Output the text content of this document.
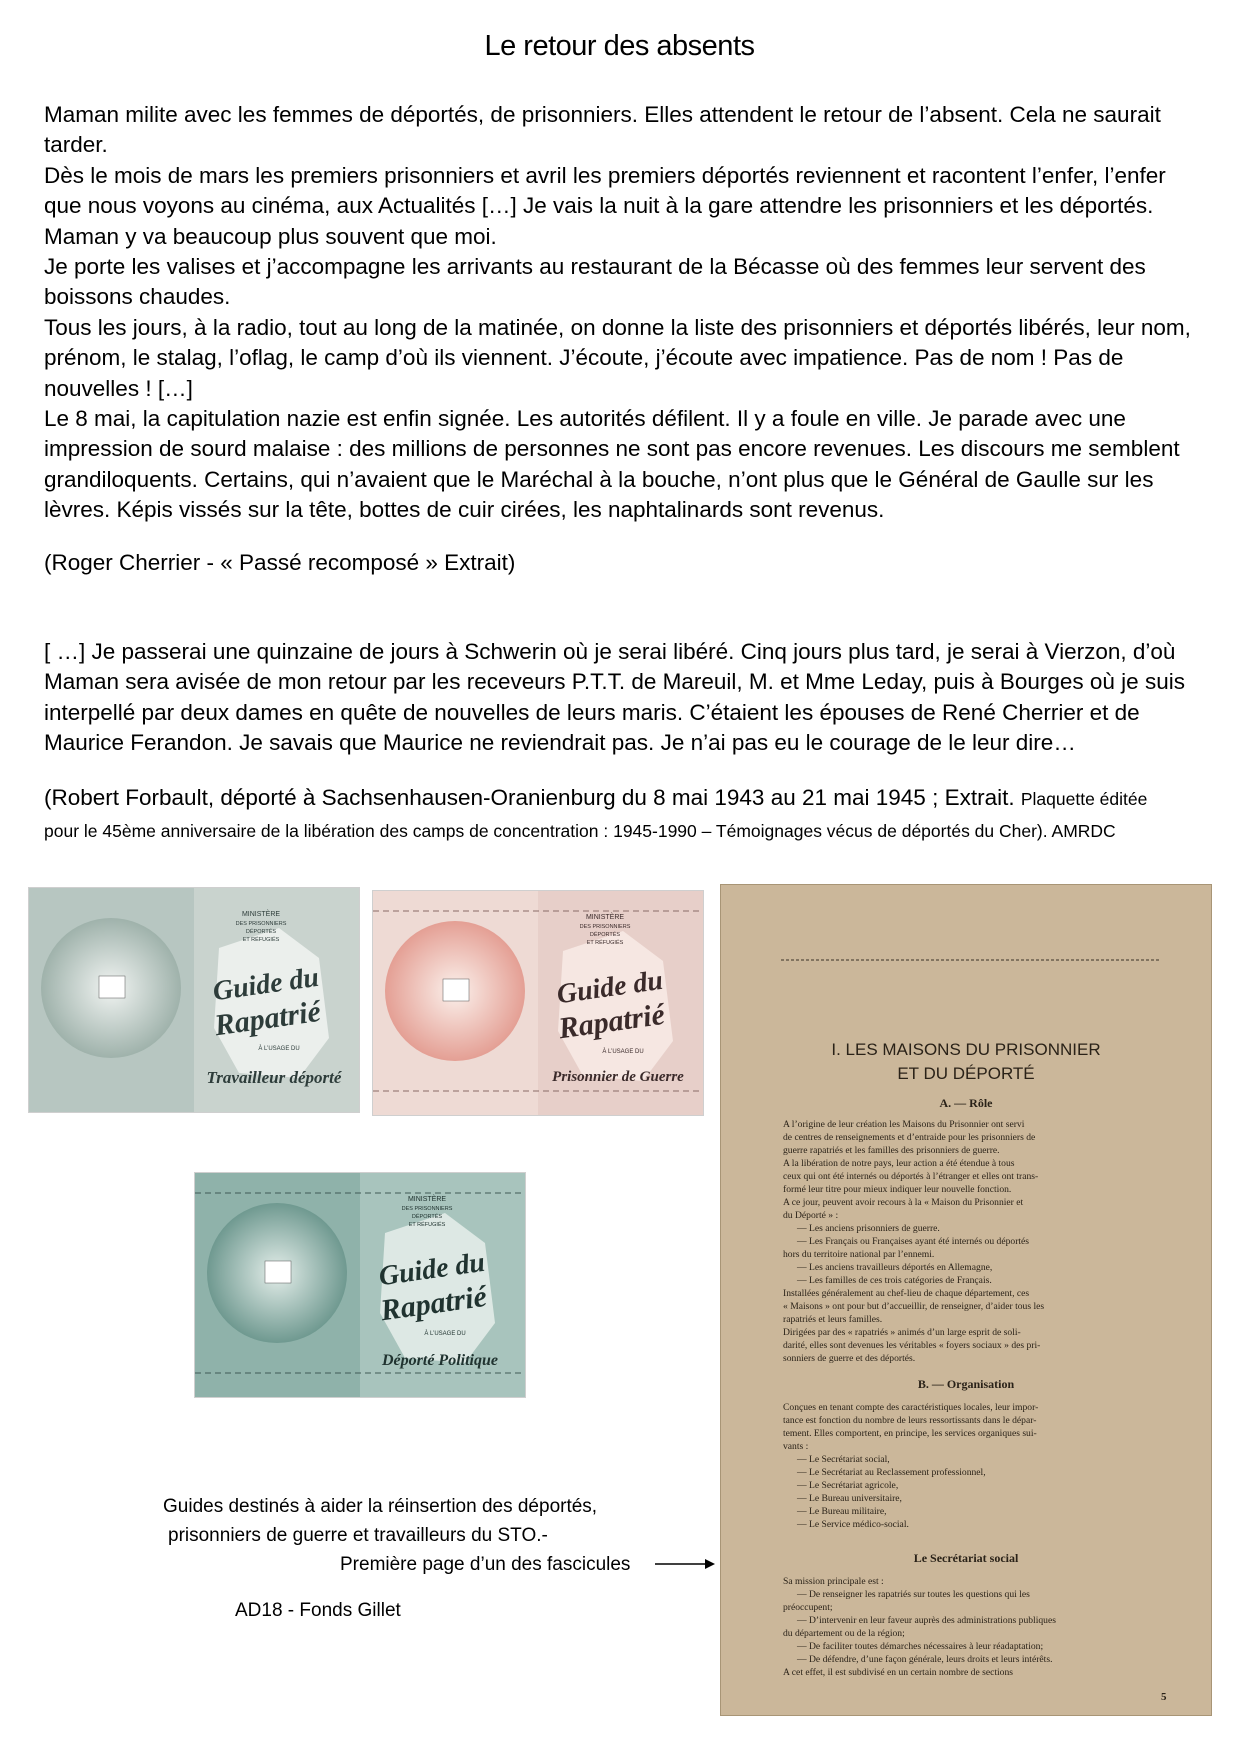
Le retour des absents

Maman milite avec les femmes de déportés, de prisonniers. Elles attendent le retour de l’absent. Cela ne saurait tarder.

Dès le mois de mars les premiers prisonniers et avril les premiers déportés reviennent et racontent l’enfer, l’enfer que nous voyons au cinéma, aux Actualités […] Je vais la nuit à la gare attendre les prisonniers et les déportés. Maman y va beaucoup plus souvent que moi.

Je porte les valises et j’accompagne les arrivants au restaurant de la Bécasse où des femmes leur servent des boissons chaudes.

Tous les jours, à la radio, tout au long de la matinée, on donne la liste des prisonniers et déportés libérés, leur nom, prénom, le stalag, l’oflag, le camp d’où ils viennent. J’écoute, j’écoute avec impatience. Pas de nom ! Pas de nouvelles ! […]

Le 8 mai, la capitulation nazie est enfin signée. Les autorités défilent. Il y a foule en ville. Je parade avec une impression de sourd malaise : des millions de personnes ne sont pas encore revenues. Les discours me semblent grandiloquents. Certains, qui n’avaient que le Maréchal à la bouche, n’ont plus que le Général de Gaulle sur les lèvres. Képis vissés sur la tête, bottes de cuir cirées, les naphtalinards sont revenus.

(Roger Cherrier - « Passé recomposé » Extrait)
[ …] Je passerai une quinzaine de jours à Schwerin où je serai libéré. Cinq jours plus tard, je serai à Vierzon, d’où Maman sera avisée de mon retour par les receveurs P.T.T. de Mareuil, M. et Mme Leday, puis à Bourges où je suis interpellé par deux dames en quête de nouvelles de leurs maris. C’étaient les épouses de René Cherrier et de Maurice Ferandon. Je savais que Maurice ne reviendrait pas. Je n’ai pas eu le courage de le leur dire…
(Robert Forbault, déporté à Sachsenhausen-Oranienburg du 8 mai 1943 au 21 mai 1945 ; Extrait. Plaquette éditée
pour le 45ème anniversaire de la libération des camps de concentration : 1945-1990 – Témoignages vécus de déportés du Cher). AMRDC
MINISTÈRE
DES PRISONNIERS
DÉPORTÉS
ET RÉFUGIÉS
Guide du
Rapatrié
À L’USAGE DU
Travailleur déporté
MINISTÈRE
DES PRISONNIERS
DÉPORTÉS
ET RÉFUGIÉS
Guide du
Rapatrié
À L’USAGE DU
Prisonnier de Guerre
MINISTÈRE
DES PRISONNIERS
DÉPORTÉS
ET RÉFUGIÉS
Guide du
Rapatrié
À L’USAGE DU
Déporté Politique
I. LES MAISONS DU PRISONNIER
ET DU DÉPORTÉ
A. — Rôle
A l’origine de leur création les Maisons du Prisonnier ont servi
de centres de renseignements et d’entraide pour les prisonniers de
guerre rapatriés et les familles des prisonniers de guerre.
A la libération de notre pays, leur action a été étendue à tous
ceux qui ont été internés ou déportés à l’étranger et elles ont trans-
formé leur titre pour mieux indiquer leur nouvelle fonction.
A ce jour, peuvent avoir recours à la « Maison du Prisonnier et
du Déporté » :
— Les anciens prisonniers de guerre.
— Les Français ou Françaises ayant été internés ou déportés
hors du territoire national par l’ennemi.
— Les anciens travailleurs déportés en Allemagne,
— Les familles de ces trois catégories de Français.
Installées généralement au chef-lieu de chaque département, ces
« Maisons » ont pour but d’accueillir, de renseigner, d’aider tous les
rapatriés et leurs familles.
Dirigées par des « rapatriés » animés d’un large esprit de soli-
darité, elles sont devenues les véritables « foyers sociaux » des pri-
sonniers de guerre et des déportés.
B. — Organisation
Conçues en tenant compte des caractéristiques locales, leur impor-
tance est fonction du nombre de leurs ressortissants dans le dépar-
tement. Elles comportent, en principe, les services organiques sui-
vants :
— Le Secrétariat social,
— Le Secrétariat au Reclassement professionnel,
— Le Secrétariat agricole,
— Le Bureau universitaire,
— Le Bureau militaire,
— Le Service médico-social.
Le Secrétariat social
Sa mission principale est :
— De renseigner les rapatriés sur toutes les questions qui les
préoccupent;
— D’intervenir en leur faveur auprès des administrations publiques
du département ou de la région;
— De faciliter toutes démarches nécessaires à leur réadaptation;
— De défendre, d’une façon générale, leurs droits et leurs intérêts.
A cet effet, il est subdivisé en un certain nombre de sections
5
Guides destinés à aider la réinsertion des déportés,
prisonniers de guerre et travailleurs du STO.-
Première page d’un des fascicules
AD18 - Fonds Gillet
